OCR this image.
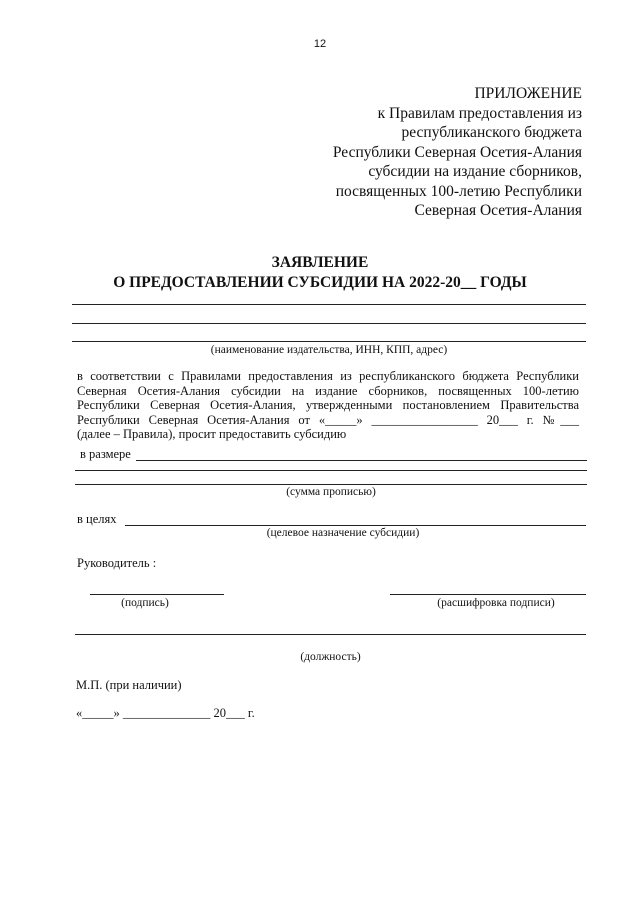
12
ПРИЛОЖЕНИЕ
к Правилам предоставления из
республиканского бюджета
Республики Северная Осетия-Алания
субсидии на издание сборников,
посвященных 100-летию Республики
Северная Осетия-Алания
ЗАЯВЛЕНИЕ
О ПРЕДОСТАВЛЕНИИ СУБСИДИИ НА 2022-20__ ГОДЫ
(наименование издательства, ИНН, КПП, адрес)
в соответствии с Правилами предоставления из республиканского бюджета Республики
Северная Осетия-Алания субсидии на издание сборников, посвященных 100-летию
Республики Северная Осетия-Алания, утвержденными постановлением Правительства
Республики Северная Осетия-Алания от «_____» _________________ 20___ г. №___
(далее – Правила), просит предоставить субсидию
в размере
(сумма прописью)
в целях
(целевое назначение субсидии)
Руководитель :
(подпись)	(расшифровка подписи)
(должность)
М.П. (при наличии)
«_____» ______________ 20___ г.
